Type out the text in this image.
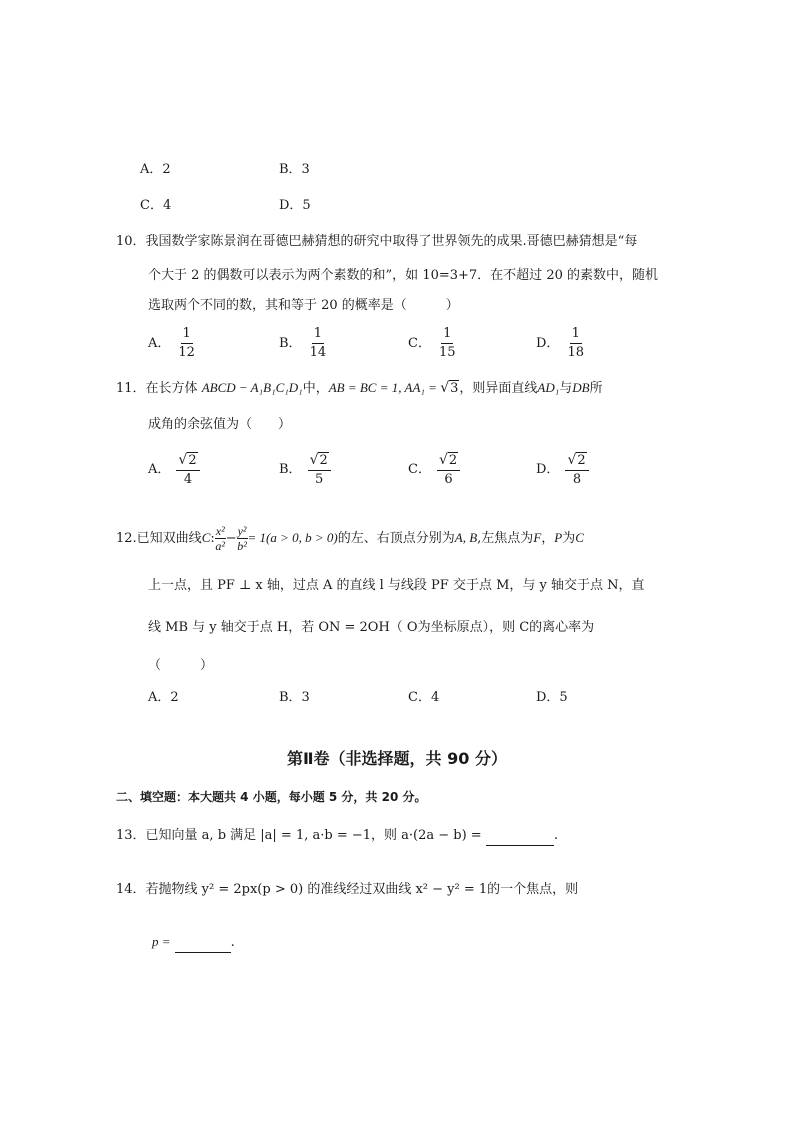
A．2	B．3
C．4	D．5
10．我国数学家陈景润在哥德巴赫猜想的研究中取得了世界领先的成果.哥德巴赫猜想是“每
个大于 2 的偶数可以表示为两个素数的和”，如 10=3+7．在不超过 20 的素数中，随机
选取两个不同的数，其和等于 20 的概率是（　　　）
A． $\frac{1}{12}$	B． $\frac{1}{14}$	C． $\frac{1}{15}$	D． $\frac{1}{18}$
11．在长方体 ABCD − A₁B₁C₁D₁中，AB = BC = 1, AA₁ = √3，则异面直线AD₁与DB所
成角的余弦值为（　　）
A． $\frac{√2}{4}$	B． $\frac{√2}{5}$	C． $\frac{√2}{6}$	D． $\frac{√2}{8}$
12.已知双曲线C: $\frac{\text{x²}}{\text{a²}} - \frac{\text{y²}}{\text{b²}} = 1(a > 0$, b > 0)的左、右顶点分别为A, B,左焦点为F，P为C
上一点，且 PF ⊥ x 轴，过点 A 的直线 l 与线段 PF 交于点 M，与 y 轴交于点 N，直
线 MB 与 y 轴交于点 H，若 ON = 2OH（ O为坐标原点），则 C的离心率为
（　　　）
A．2	B．3	C．4	D．5
第Ⅱ卷（非选择题，共 90 分）
二、填空题：本大题共 4 小题，每小题 5 分，共 20 分。
13．已知向量 a, b 满足 |a| = 1, a·b = −1，则 a·(2a − b) =	.
14．若抛物线 y² = 2px(p > 0) 的准线经过双曲线 x² − y² = 1的一个焦点，则
p =	.
